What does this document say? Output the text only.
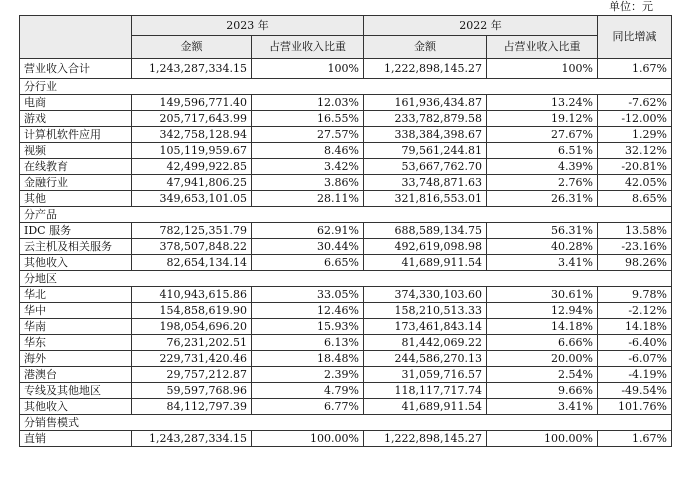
单位：元
	2023 年		2022 年		同比增减
	金额	占营业收入比重	金额	占营业收入比重	
营业收入合计	1,243,287,334.15	100%	1,222,898,145.27	100%	1.67%
分行业					
电商	149,596,771.40	12.03%	161,936,434.87	13.24%	-7.62%
游戏	205,717,643.99	16.55%	233,782,879.58	19.12%	-12.00%
计算机软件应用	342,758,128.94	27.57%	338,384,398.67	27.67%	1.29%
视频	105,119,959.67	8.46%	79,561,244.81	6.51%	32.12%
在线教育	42,499,922.85	3.42%	53,667,762.70	4.39%	-20.81%
金融行业	47,941,806.25	3.86%	33,748,871.63	2.76%	42.05%
其他	349,653,101.05	28.11%	321,816,553.01	26.31%	8.65%
分产品					
IDC 服务	782,125,351.79	62.91%	688,589,134.75	56.31%	13.58%
云主机及相关服务	378,507,848.22	30.44%	492,619,098.98	40.28%	-23.16%
其他收入	82,654,134.14	6.65%	41,689,911.54	3.41%	98.26%
分地区					
华北	410,943,615.86	33.05%	374,330,103.60	30.61%	9.78%
华中	154,858,619.90	12.46%	158,210,513.33	12.94%	-2.12%
华南	198,054,696.20	15.93%	173,461,843.14	14.18%	14.18%
华东	76,231,202.51	6.13%	81,442,069.22	6.66%	-6.40%
海外	229,731,420.46	18.48%	244,586,270.13	20.00%	-6.07%
港澳台	29,757,212.87	2.39%	31,059,716.57	2.54%	-4.19%
专线及其他地区	59,597,768.96	4.79%	118,117,717.74	9.66%	-49.54%
其他收入	84,112,797.39	6.77%	41,689,911.54	3.41%	101.76%
分销售模式					
直销	1,243,287,334.15	100.00%	1,222,898,145.27	100.00%	1.67%
